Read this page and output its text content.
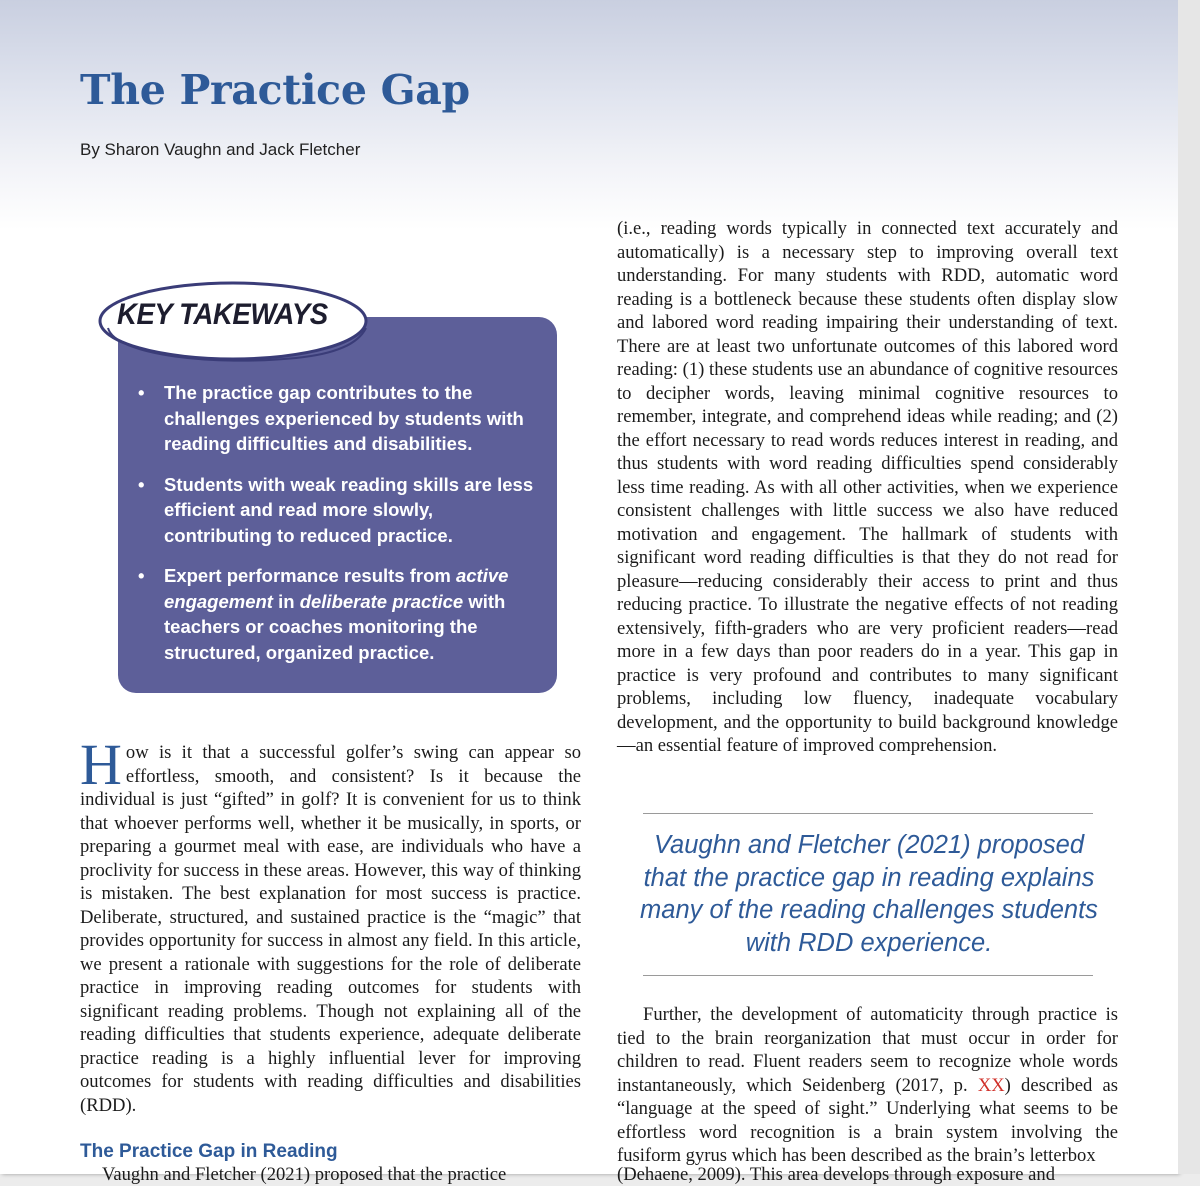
The Practice Gap
By Sharon Vaughn and Jack Fletcher
KEY TAKEWAYS
• The practice gap contributes to the challenges experienced by students with reading difficulties and disabilities.
• Students with weak reading skills are less efficient and read more slowly, contributing to reduced practice.
• Expert performance results from active engagement in deliberate practice with teachers or coaches monitoring the structured, organized practice.

How is it that a successful golfer’s swing can appear so effortless, smooth, and consistent? Is it because the individual is just “gifted” in golf? It is convenient for us to think that whoever performs well, whether it be musically, in sports, or preparing a gourmet meal with ease, are individuals who have a proclivity for success in these areas. However, this way of thinking is mistaken. The best explanation for most success is practice. Deliberate, structured, and sustained practice is the “magic” that provides opportunity for success in almost any field. In this article, we present a rationale with suggestions for the role of deliberate practice in improving reading outcomes for students with significant reading problems. Though not explaining all of the reading difficulties that students experience, adequate deliberate practice reading is a highly influential lever for improving outcomes for students with reading difficulties and disabilities (RDD).

The Practice Gap in Reading
Vaughn and Fletcher (2021) proposed that the practice

(i.e., reading words typically in connected text accurately and automatically) is a necessary step to improving overall text understanding. For many students with RDD, automatic word reading is a bottleneck because these students often display slow and labored word reading impairing their understanding of text. There are at least two unfortunate outcomes of this labored word reading: (1) these students use an abundance of cognitive resources to decipher words, leaving minimal cognitive resources to remember, integrate, and comprehend ideas while reading; and (2) the effort necessary to read words reduces interest in reading, and thus students with word reading difficulties spend considerably less time reading. As with all other activities, when we experience consistent challenges with little success we also have reduced motivation and engagement. The hallmark of students with significant word reading difficulties is that they do not read for pleasure—reducing considerably their access to print and thus reducing practice. To illustrate the negative effects of not reading extensively, fifth-graders who are very proficient readers—read more in a few days than poor readers do in a year. This gap in practice is very profound and contributes to many significant problems, including low fluency, inadequate vocabulary development, and the opportunity to build background knowledge—an essential feature of improved comprehension.

Vaughn and Fletcher (2021) proposed that the practice gap in reading explains many of the reading challenges students with RDD experience.

Further, the development of automaticity through practice is tied to the brain reorganization that must occur in order for children to read. Fluent readers seem to recognize whole words instantaneously, which Seidenberg (2017, p. XX) described as “language at the speed of sight.” Underlying what seems to be effortless word recognition is a brain system involving the fusiform gyrus which has been described as the brain’s letterbox

(Dehaene, 2009). This area develops through exposure and
